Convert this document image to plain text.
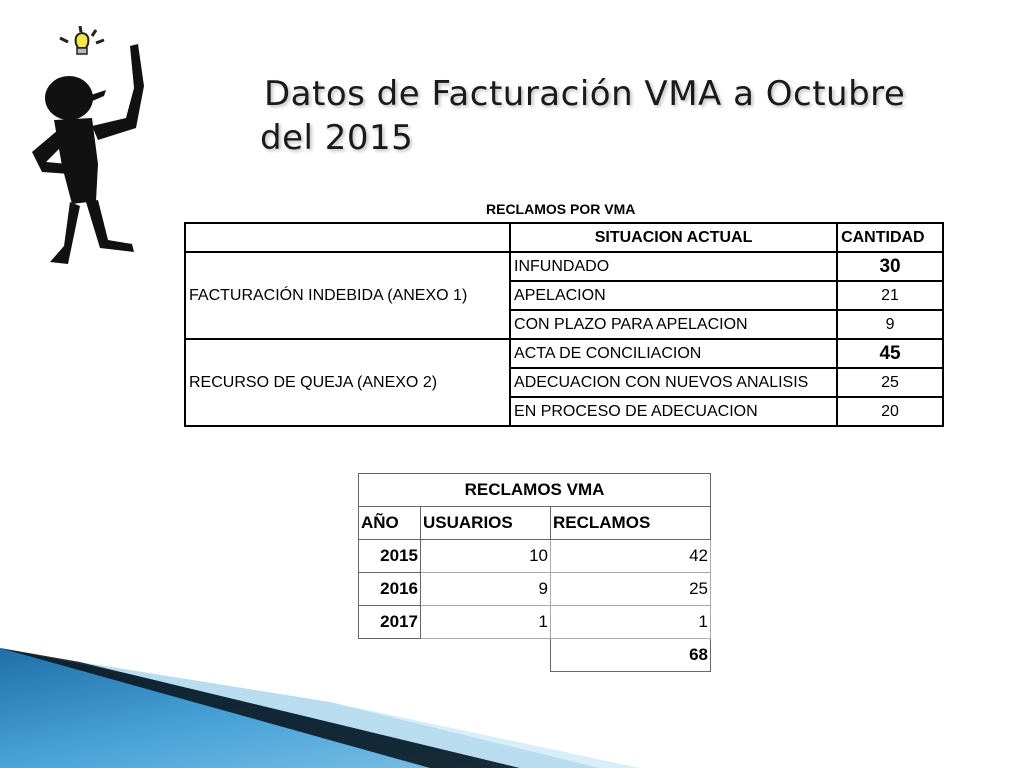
Datos de Facturación VMA a Octubre
del 2015
RECLAMOS POR VMA
	SITUACION ACTUAL	CANTIDAD
FACTURACIÓN INDEBIDA (ANEXO 1)	INFUNDADO	30
	APELACION	21
	CON PLAZO PARA APELACION	9
RECURSO DE QUEJA (ANEXO 2)	ACTA DE CONCILIACION	45
	ADECUACION CON NUEVOS ANALISIS	25
	EN PROCESO DE ADECUACION	20
RECLAMOS VMA		
AÑO	USUARIOS	RECLAMOS
2015	10	42
2016	9	25
2017	1	1
		68
